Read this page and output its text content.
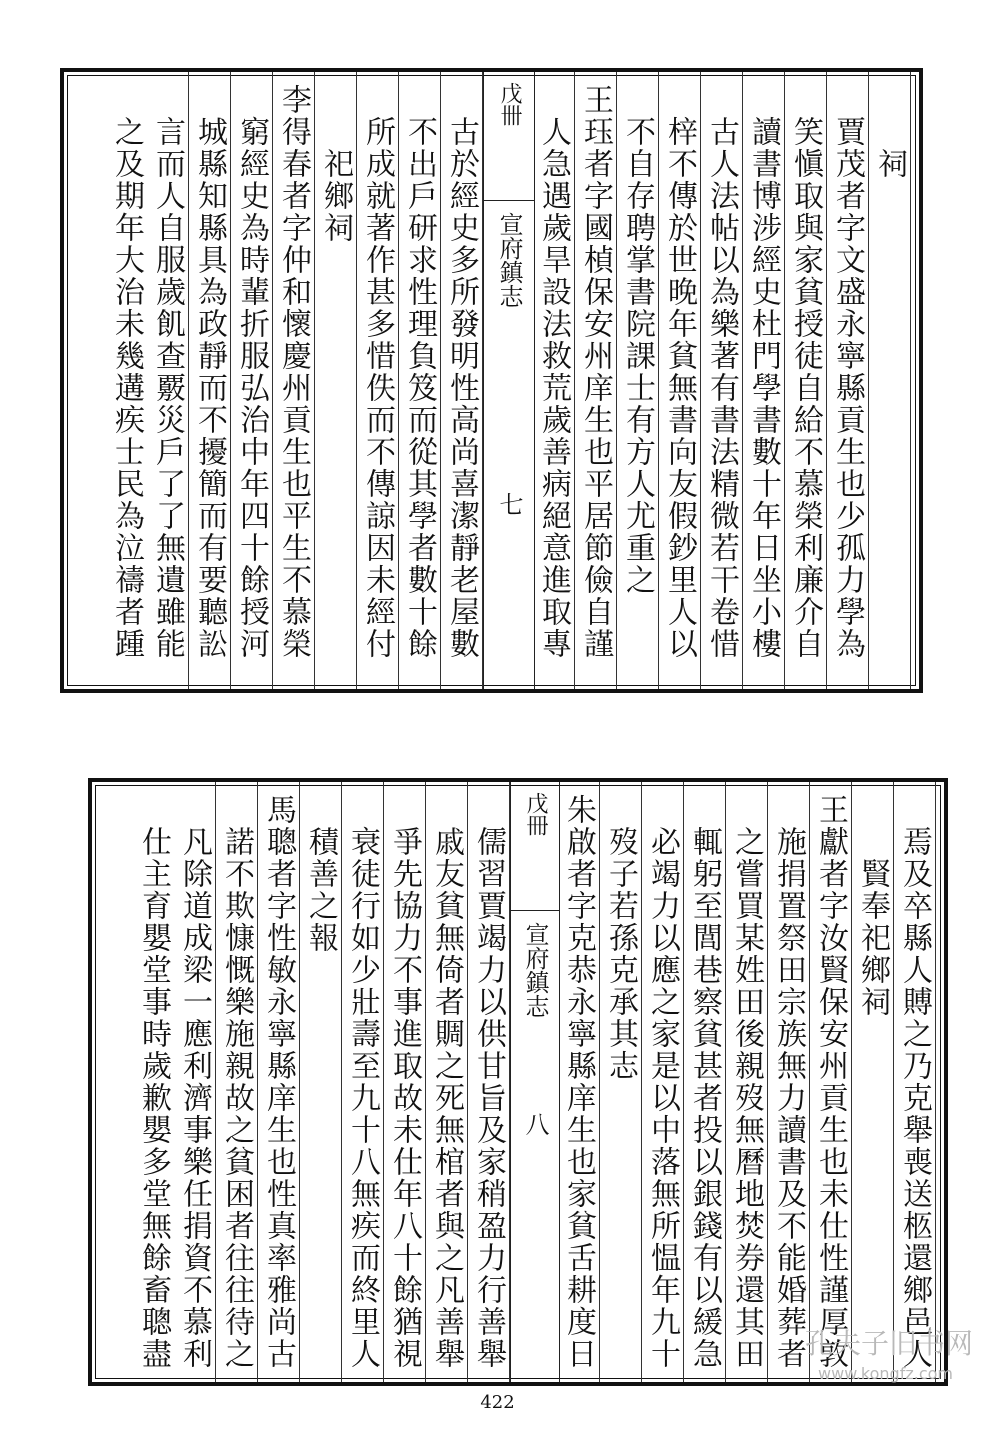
祠
賈茂者字文盛永寧縣貢生也少孤力學為
笑愼取與家貧授徒自給不慕榮利廉介自
讀書博涉經史杜門學書數十年日坐小樓
古人法帖以為樂著有書法精微若干卷惜
梓不傳於世晚年貧無書向友假鈔里人以
不自存聘掌書院課士有方人尤重之
王珏者字國楨保安州庠生也平居節儉自謹
人急遇歲旱設法救荒歲善病絕意進取專
戊卌
宣府鎮志
七
古於經史多所發明性高尚喜潔靜老屋數
不出戶研求性理負笈而從其學者數十餘
所成就著作甚多惜佚而不傳諒因未經付
祀鄉祠
李得春者字仲和懷慶州貢生也平生不慕榮
窮經史為時輩折服弘治中年四十餘授河
城縣知縣具為政靜而不擾簡而有要聽訟
言而人自服歲飢查覈災戶了了無遺雖能
之及期年大治未幾遘疾士民為泣禱者踵
焉及卒縣人賻之乃克舉喪送柩還鄉邑人
賢奉祀鄉祠
王獻者字汝賢保安州貢生也未仕性謹厚敦
施捐置祭田宗族無力讀書及不能婚葬者
之嘗買某姓田後親歿無曆地焚券還其田
輒躬至閭巷察貧甚者投以銀錢有以緩急
必竭力以應之家是以中落無所愠年九十
歿子若孫克承其志
朱啟者字克恭永寧縣庠生也家貧舌耕度日
戊冊
宣府鎮志
八
儒習賈竭力以供甘旨及家稍盈力行善舉
戚友貧無倚者賙之死無棺者與之凡善舉
爭先協力不事進取故未仕年八十餘猶視
衰徒行如少壯壽至九十八無疾而終里人
積善之報
馬聰者字性敏永寧縣庠生也性真率雅尚古
諾不欺慷慨樂施親故之貧困者往往待之
凡除道成梁一應利濟事樂任捐資不慕利
仕主育嬰堂事時歲歉嬰多堂無餘畜聰盡
422
孔夫子旧书网
www.kongfz.com
